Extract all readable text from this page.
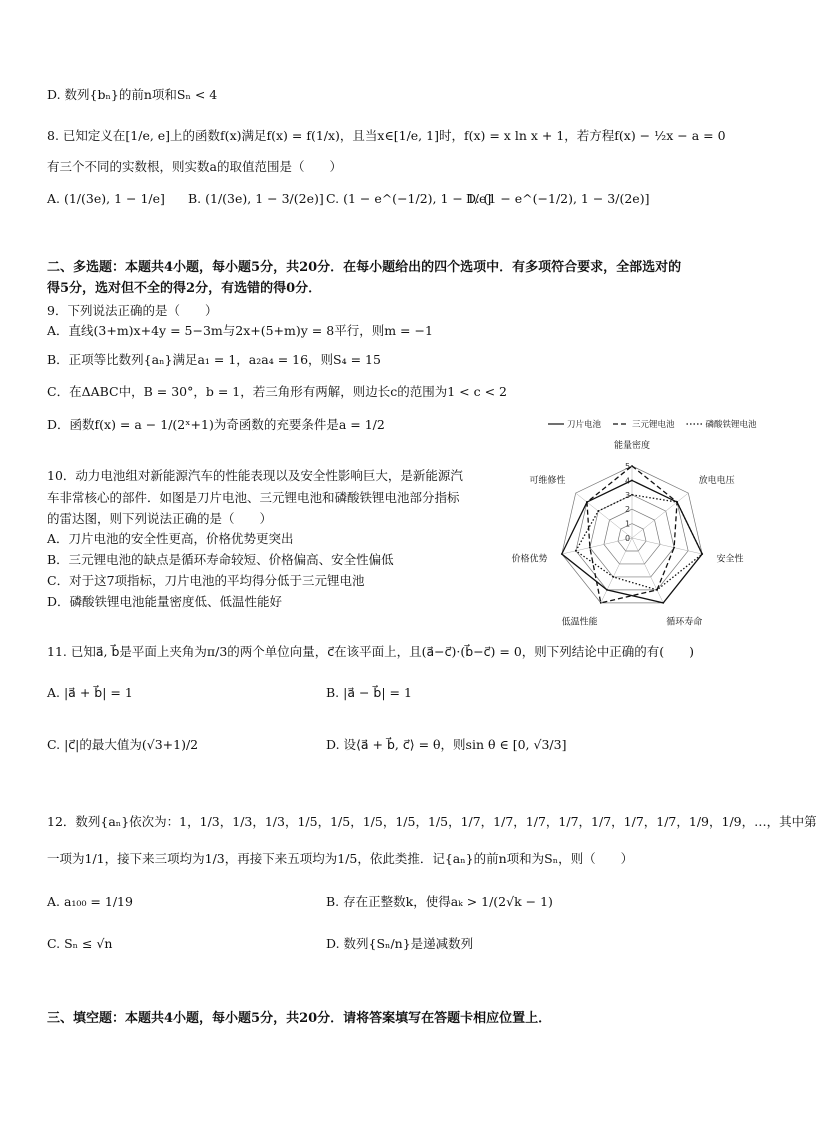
D. 数列{bₙ}的前n项和Sₙ < 4
8. 已知定义在[1/e, e]上的函数f(x)满足f(x) = f(1/x)，且当x∈[1/e, 1]时，f(x) = x ln x + 1，若方程f(x) − ½x − a = 0
有三个不同的实数根，则实数a的取值范围是（　　）
A. (1/(3e), 1 − 1/e] B. (1/(3e), 1 − 3/(2e)] C. (1 − e^(−1/2), 1 − 1/e]
D. (1 − e^(−1/2), 1 − 3/(2e)]
二、多选题：本题共4小题，每小题5分，共20分．在每小题给出的四个选项中．有多项符合要求，全部选对的
得5分，选对但不全的得2分，有选错的得0分．
9．下列说法正确的是（　　）
A．直线(3+m)x+4y = 5−3m与2x+(5+m)y = 8平行，则m = −1
B．正项等比数列{aₙ}满足a₁ = 1，a₂a₄ = 16，则S₄ = 15
C．在ΔABC中，B = 30°，b = 1，若三角形有两解，则边长c的范围为1 < c < 2
D．函数f(x) = a − 1/(2ˣ+1)为奇函数的充要条件是a = 1/2
10．动力电池组对新能源汽车的性能表现以及安全性影响巨大，是新能源汽
车非常核心的部件．如图是刀片电池、三元锂电池和磷酸铁锂电池部分指标
的雷达图，则下列说法正确的是（　　）
A．刀片电池的安全性更高，价格优势更突出
B．三元锂电池的缺点是循环寿命较短、价格偏高、安全性偏低
C．对于这7项指标，刀片电池的平均得分低于三元锂电池
D．磷酸铁锂电池能量密度低、低温性能好
刀片电池	三元锂电池	磷酸铁锂电池
0
1
2
3
4
5
能量密度
放电电压
安全性
循环寿命
低温性能
价格优势
可维修性
11. 已知a⃗, b⃗是平面上夹角为π/3的两个单位向量，c⃗在该平面上，且(a⃗−c⃗)·(b⃗−c⃗) = 0，则下列结论中正确的有(　　)
A. |a⃗ + b⃗| = 1	B. |a⃗ − b⃗| = 1
C. |c⃗|的最大值为(√3+1)/2	D. 设⟨a⃗ + b⃗, c⃗⟩ = θ，则sin θ ∈ [0, √3/3]
12．数列{aₙ}依次为：1，1/3，1/3，1/3，1/5，1/5，1/5，1/5，1/5，1/7，1/7，1/7，1/7，1/7，1/7，1/7，1/9，1/9，…，其中第
一项为1/1，接下来三项均为1/3，再接下来五项均为1/5，依此类推．记{aₙ}的前n项和为Sₙ，则（　　）
A. a₁₀₀ = 1/19	B. 存在正整数k，使得aₖ > 1/(2√k − 1)
C. Sₙ ≤ √n	D. 数列{Sₙ/n}是递减数列
三、填空题：本题共4小题，每小题5分，共20分．请将答案填写在答题卡相应位置上．
